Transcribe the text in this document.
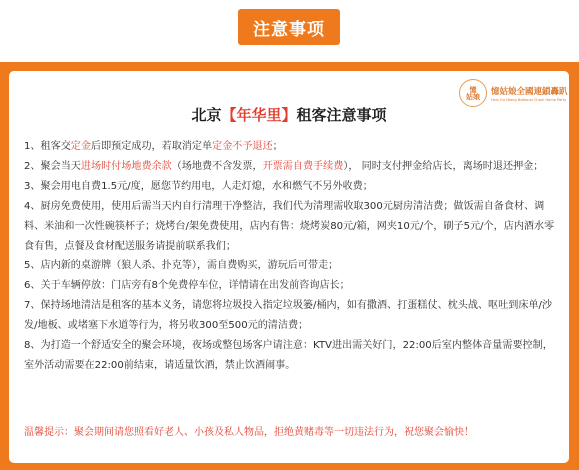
注意事项
憶
姑娘 憶姑娘全國連鎖轟趴
Hsin Gu Niang National Chain Home Party
北京【年华里】租客注意事项
1、租客交定金后即预定成功，若取消定单定金不予退还；
2、聚会当天进场时付场地费余款（场地费不含发票，开票需自费手续费）， 同时支付押金给店长，离场时退还押金；
3、聚会用电自费1.5元/度，愿您节约用电，人走灯熄，水和燃气不另外收费；
4、厨房免费使用，使用后需当天内自行清理干净整洁，我们代为清理需收取300元厨房清洁费；做饭需自备食材、调料、米油和一次性碗筷杯子；烧烤台/架免费使用，店内有售：烧烤炭80元/箱，网夹10元/个，刷子5元/个，店内酒水零食有售，点餐及食材配送服务请提前联系我们；
5、店内新的桌游牌（狼人杀、扑克等），需自费购买，游玩后可带走；
6、关于车辆停放：门店旁有8个免费停车位，详情请在出发前咨询店长；
7、保持场地清洁是租客的基本义务，请您将垃圾投入指定垃圾篓/桶内，如有撒酒、打蛋糕仗、枕头战、呕吐到床单/沙发/地板、或堵塞下水道等行为，将另收300至500元的清洁费；
8、为打造一个舒适安全的聚会环境，夜场或整包场客户请注意：KTV进出需关好门，22:00后室内整体音量需要控制，室外活动需要在22:00前结束，请适量饮酒，禁止饮酒闹事。
温馨提示：聚会期间请您照看好老人、小孩及私人物品，拒绝黄赌毒等一切违法行为，祝您聚会愉快！
